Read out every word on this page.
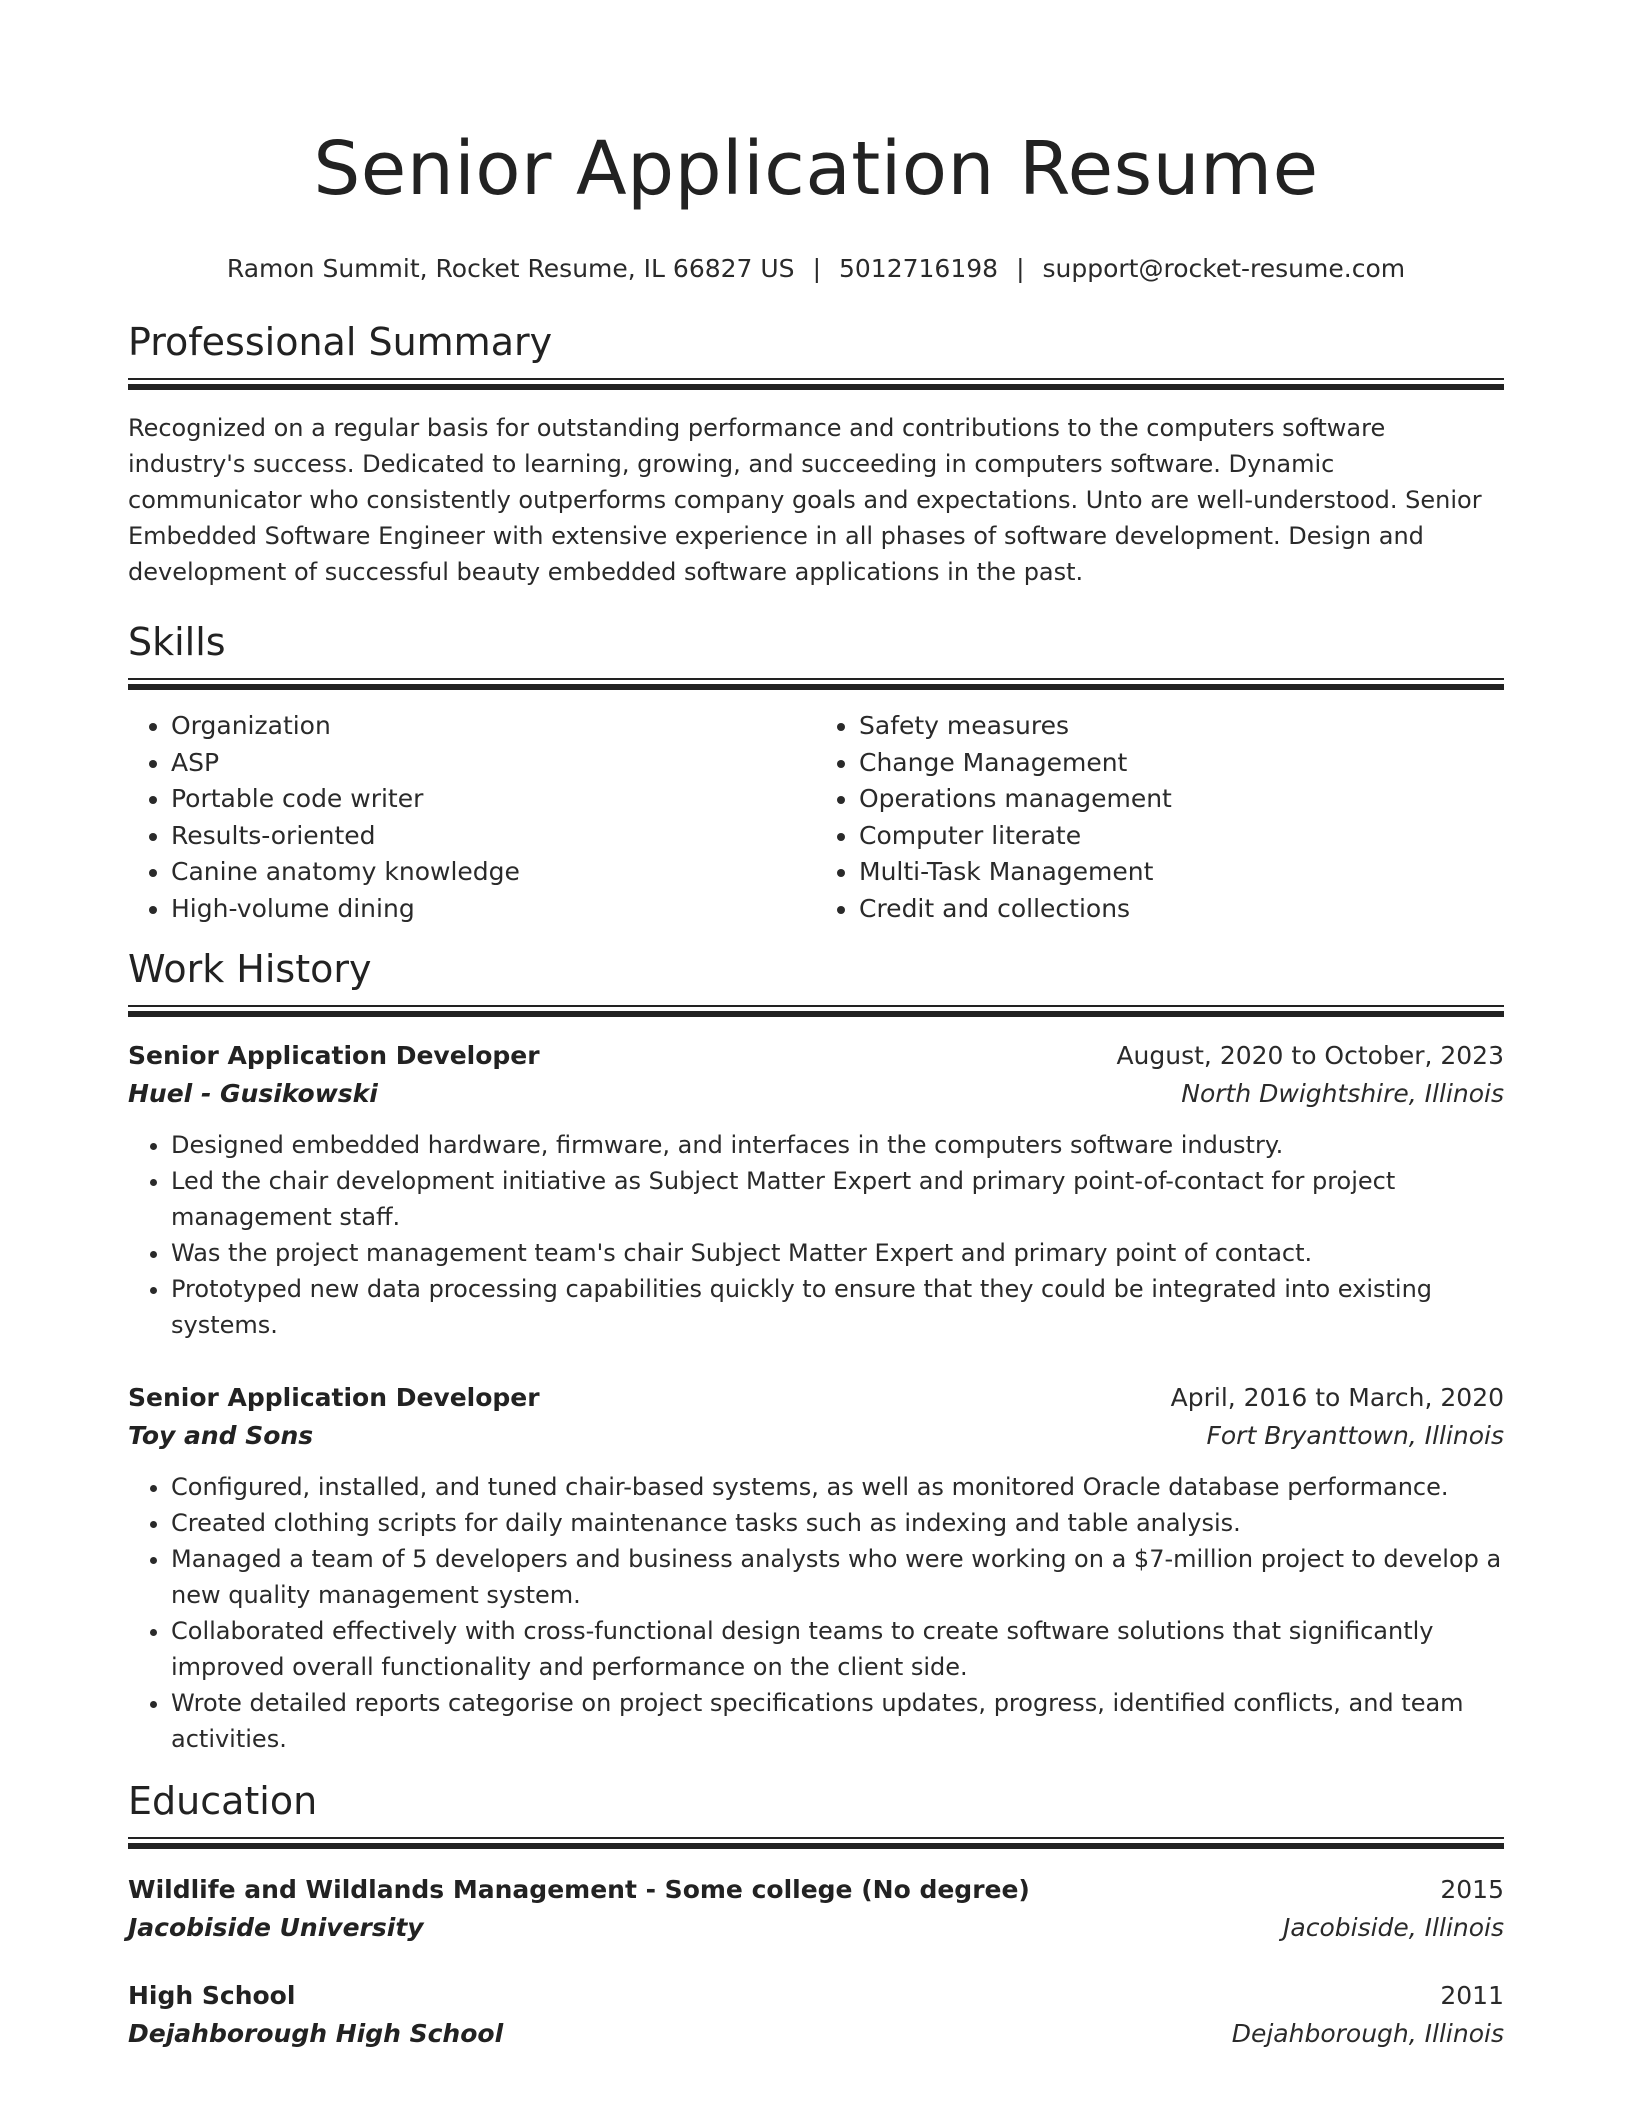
Senior Application Resume
Ramon Summit, Rocket Resume, IL 66827 US | 5012716198 | support@rocket-resume.com
Professional Summary

Recognized on a regular basis for outstanding performance and contributions to the computers software industry's success. Dedicated to learning, growing, and succeeding in computers software. Dynamic communicator who consistently outperforms company goals and expectations. Unto are well-understood. Senior Embedded Software Engineer with extensive experience in all phases of software development. Design and development of successful beauty embedded software applications in the past.

Skills
• Organization
• ASP
• Portable code writer
• Results-oriented
• Canine anatomy knowledge
• High-volume dining
• Safety measures
• Change Management
• Operations management
• Computer literate
• Multi-Task Management
• Credit and collections
Work History
Senior Application Developer	August, 2020 to October, 2023
Huel - Gusikowski	North Dwightshire, Illinois
• Designed embedded hardware, firmware, and interfaces in the computers software industry.
• Led the chair development initiative as Subject Matter Expert and primary point-of-contact for project management staff.
• Was the project management team's chair Subject Matter Expert and primary point of contact.
• Prototyped new data processing capabilities quickly to ensure that they could be integrated into existing systems.
Senior Application Developer	April, 2016 to March, 2020
Toy and Sons	Fort Bryanttown, Illinois
• Configured, installed, and tuned chair-based systems, as well as monitored Oracle database performance.
• Created clothing scripts for daily maintenance tasks such as indexing and table analysis.
• Managed a team of 5 developers and business analysts who were working on a $7-million project to develop a new quality management system.
• Collaborated effectively with cross-functional design teams to create software solutions that significantly improved overall functionality and performance on the client side.
• Wrote detailed reports categorise on project specifications updates, progress, identified conflicts, and team activities.
Education
Wildlife and Wildlands Management - Some college (No degree)	2015
Jacobiside University	Jacobiside, Illinois
High School	2011
Dejahborough High School	Dejahborough, Illinois
